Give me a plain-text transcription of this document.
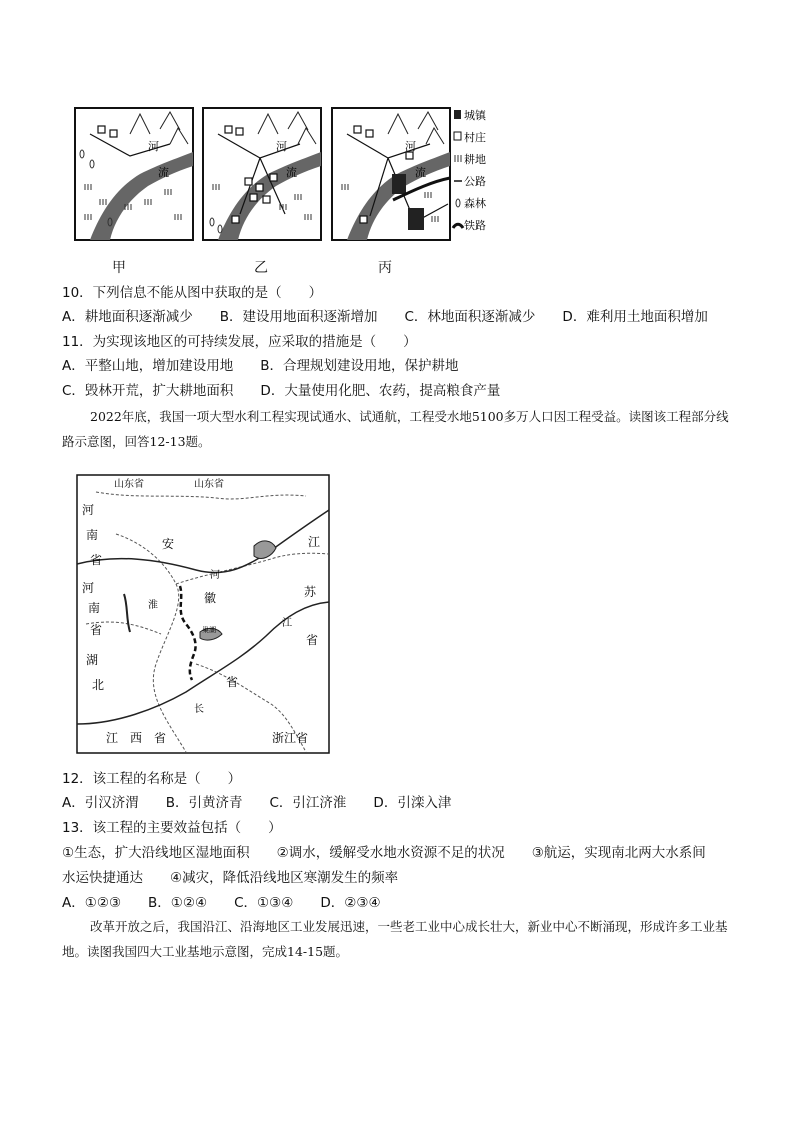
河
流
河
流
河
流
城镇
村庄
耕地
公路
森林
铁路
甲	乙	丙
10．下列信息不能从图中获取的是（　　）
A．耕地面积逐渐减少　　B．建设用地面积逐渐增加　　C．林地面积逐渐减少　　D．难利用土地面积增加
11．为实现该地区的可持续发展，应采取的措施是（　　）
A．平整山地，增加建设用地　　B．合理规划建设用地，保护耕地
C．毁林开荒，扩大耕地面积　　D．大量使用化肥、农药，提高粮食产量
2022年底，我国一项大型水利工程实现试通水、试通航，工程受水地5100多万人口因工程受益。读图该工程部分线路示意图，回答12-13题。
山东省	山东省
河
南
省
河
南
省
湖
北
江　西　省	浙江省
安
徽
省
河
淮
江
苏
省
江
长
巢湖
12．该工程的名称是（　　）
A．引汉济渭　　B．引黄济青　　C．引江济淮　　D．引滦入津
13．该工程的主要效益包括（　　）
①生态，扩大沿线地区湿地面积　　②调水，缓解受水地水资源不足的状况　　③航运，实现南北两大水系间
水运快捷通达　　④减灾，降低沿线地区寒潮发生的频率
A．①②③　　B．①②④　　C．①③④　　D．②③④
改革开放之后，我国沿江、沿海地区工业发展迅速，一些老工业中心成长壮大，新业中心不断涌现，形成许多工业基地。读图我国四大工业基地示意图，完成14-15题。
